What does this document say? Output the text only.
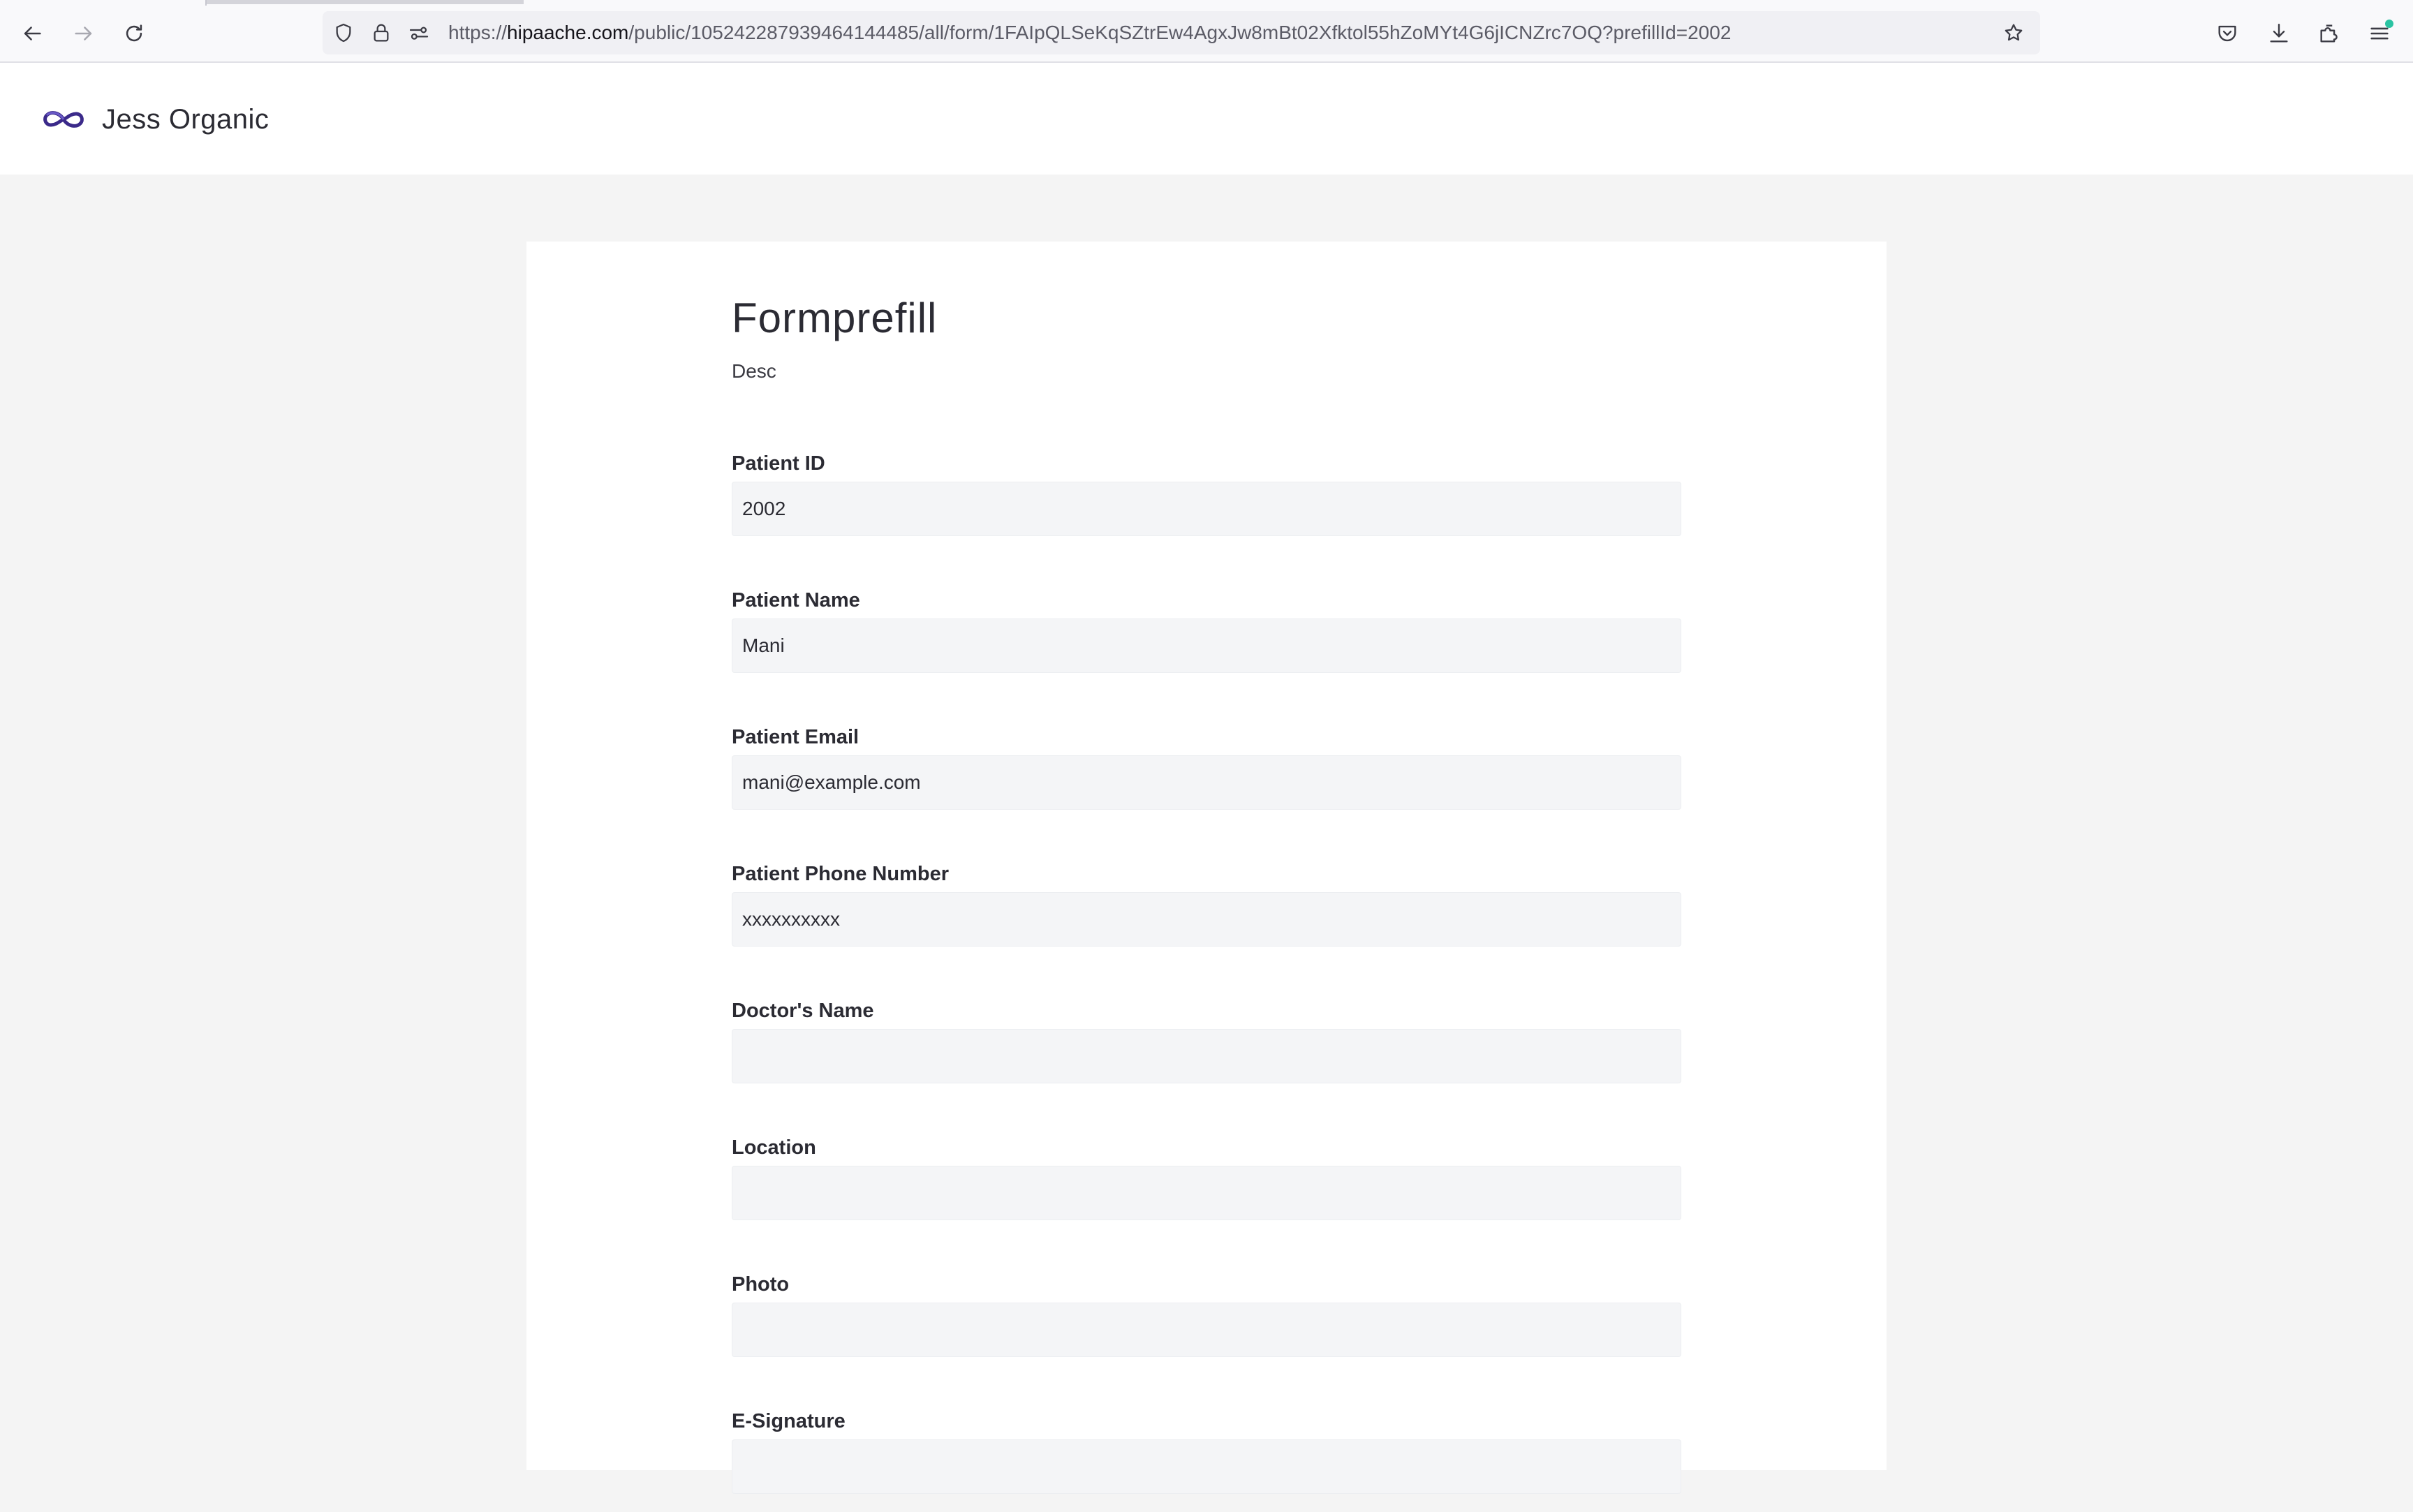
https://hipaache.com/public/105242287939464144485/all/form/1FAIpQLSeKqSZtrEw4AgxJw8mBt02Xfktol55hZoMYt4G6jICNZrc7OQ?prefillId=2002
Jess Organic
Formprefill

Desc

Patient ID
2002
Patient Name
Mani
Patient Email
mani@example.com
Patient Phone Number
xxxxxxxxxx
Doctor's Name
Location
Photo
E-Signature
